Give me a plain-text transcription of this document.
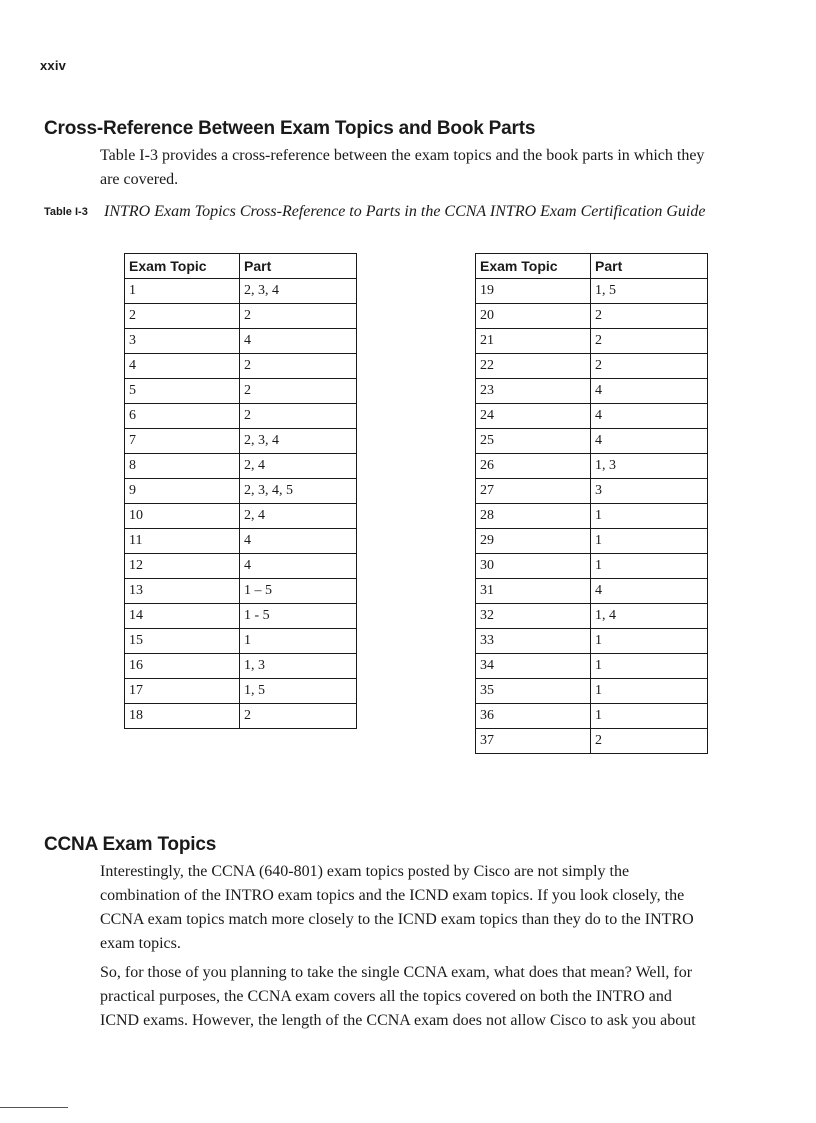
xxiv
Cross-Reference Between Exam Topics and Book Parts

Table I-3 provides a cross-reference between the exam topics and the book parts in which they are covered.

Table I-3 INTRO Exam Topics Cross-Reference to Parts in the CCNA INTRO Exam Certification Guide
Exam Topic	Part
1	2, 3, 4
2	2
3	4
4	2
5	2
6	2
7	2, 3, 4
8	2, 4
9	2, 3, 4, 5
10	2, 4
11	4
12	4
13	1 – 5
14	1 - 5
15	1
16	1, 3
17	1, 5
18	2
Exam Topic	Part
19	1, 5
20	2
21	2
22	2
23	4
24	4
25	4
26	1, 3
27	3
28	1
29	1
30	1
31	4
32	1, 4
33	1
34	1
35	1
36	1
37	2
CCNA Exam Topics

Interestingly, the CCNA (640-801) exam topics posted by Cisco are not simply the combination of the INTRO exam topics and the ICND exam topics. If you look closely, the CCNA exam topics match more closely to the ICND exam topics than they do to the INTRO exam topics.

So, for those of you planning to take the single CCNA exam, what does that mean? Well, for practical purposes, the CCNA exam covers all the topics covered on both the INTRO and ICND exams. However, the length of the CCNA exam does not allow Cisco to ask you about
